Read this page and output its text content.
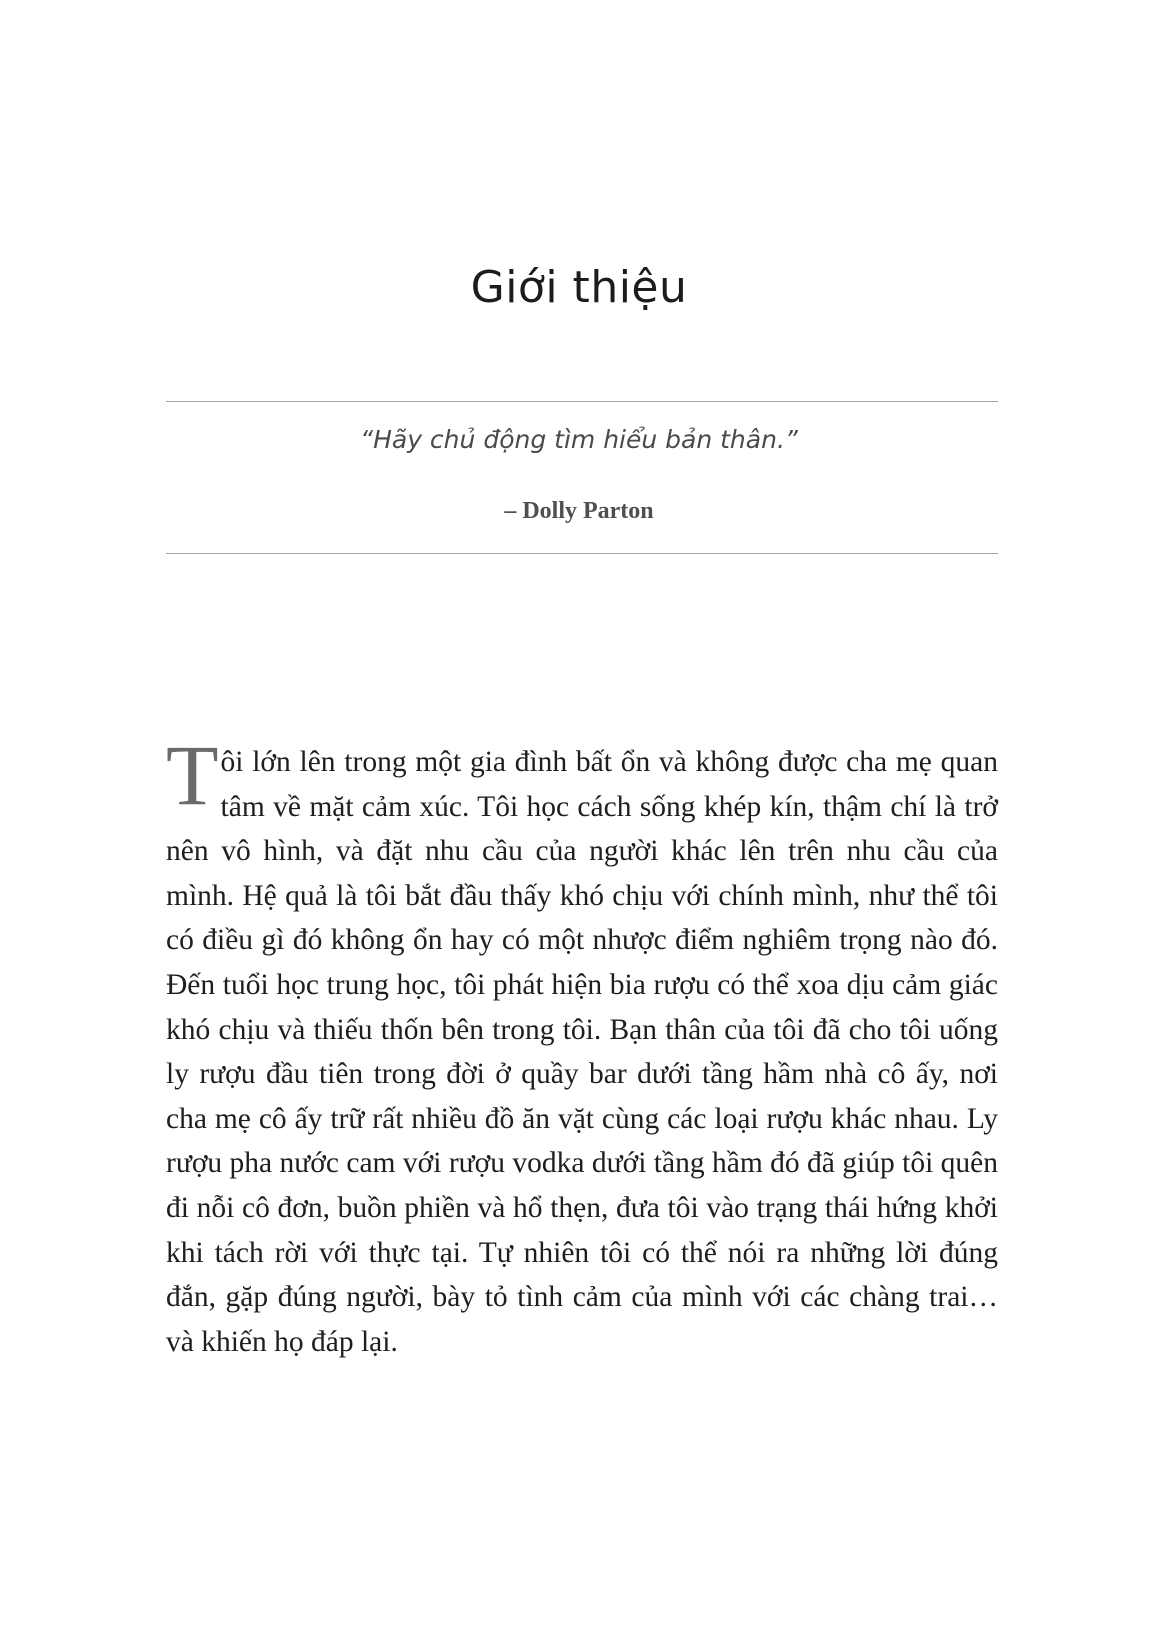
Giới thiệu

“Hãy chủ động tìm hiểu bản thân.”

– Dolly Parton

Tôi lớn lên trong một gia đình bất ổn và không được cha mẹ quan tâm về mặt cảm xúc. Tôi học cách sống khép kín, thậm chí là trở nên vô hình, và đặt nhu cầu của người khác lên trên nhu cầu của mình. Hệ quả là tôi bắt đầu thấy khó chịu với chính mình, như thể tôi có điều gì đó không ổn hay có một nhược điểm nghiêm trọng nào đó. Đến tuổi học trung học, tôi phát hiện bia rượu có thể xoa dịu cảm giác khó chịu và thiếu thốn bên trong tôi. Bạn thân của tôi đã cho tôi uống ly rượu đầu tiên trong đời ở quầy bar dưới tầng hầm nhà cô ấy, nơi cha mẹ cô ấy trữ rất nhiều đồ ăn vặt cùng các loại rượu khác nhau. Ly rượu pha nước cam với rượu vodka dưới tầng hầm đó đã giúp tôi quên đi nỗi cô đơn, buồn phiền và hổ thẹn, đưa tôi vào trạng thái hứng khởi khi tách rời với thực tại. Tự nhiên tôi có thể nói ra những lời đúng đắn, gặp đúng người, bày tỏ tình cảm của mình với các chàng trai… và khiến họ đáp lại.
